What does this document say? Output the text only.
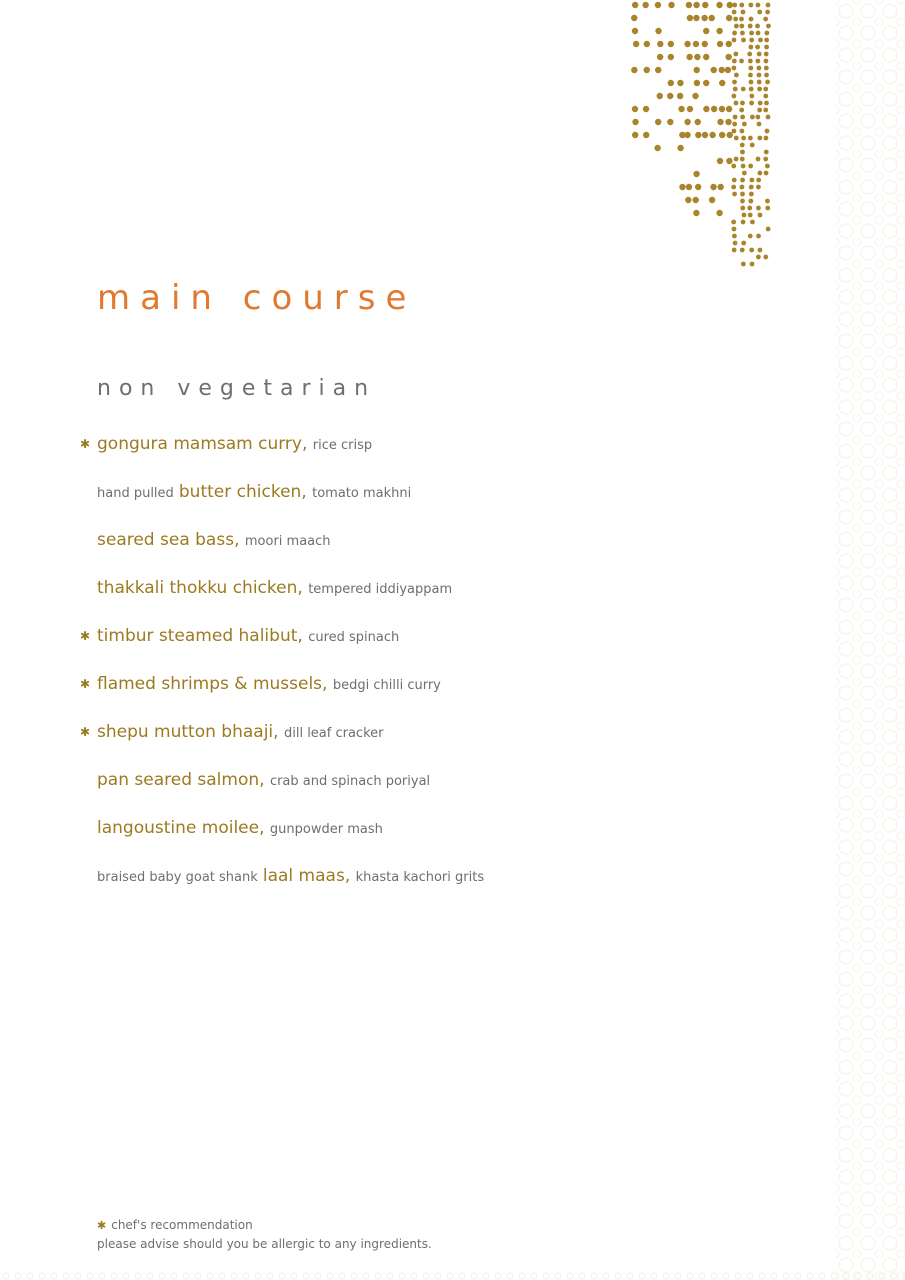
main course
non vegetarian
✱ gongura mamsam curry, rice crisp
hand pulled butter chicken, tomato makhni
seared sea bass, moori maach
thakkali thokku chicken, tempered iddiyappam
✱ timbur steamed halibut, cured spinach
✱ flamed shrimps & mussels, bedgi chilli curry
✱ shepu mutton bhaaji, dill leaf cracker
pan seared salmon, crab and spinach poriyal
langoustine moilee, gunpowder mash
braised baby goat shank laal maas, khasta kachori grits
✱ chef's recommendation
please advise should you be allergic to any ingredients.
